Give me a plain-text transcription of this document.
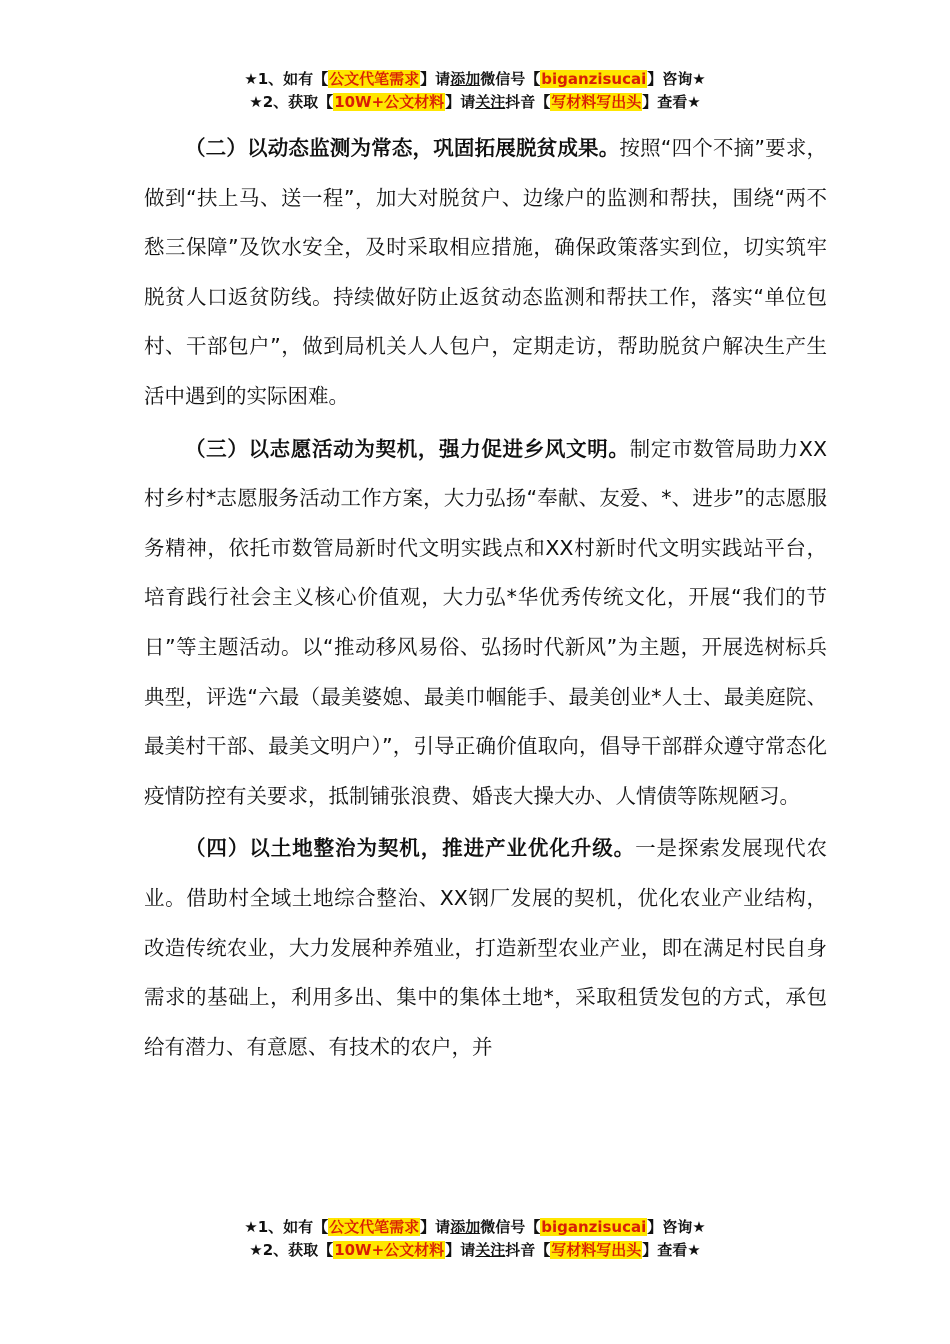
★1、如有【公文代笔需求】请添加微信号【biganzisucai】咨询★
★2、获取【10W+公文材料】请关注抖音【写材料写出头】查看★

（二）以动态监测为常态，巩固拓展脱贫成果。按照“四个不摘”要求，做到“扶上马、送一程”，加大对脱贫户、边缘户的监测和帮扶，围绕“两不愁三保障”及饮水安全，及时采取相应措施，确保政策落实到位，切实筑牢脱贫人口返贫防线。持续做好防止返贫动态监测和帮扶工作，落实“单位包村、干部包户”，做到局机关人人包户，定期走访，帮助脱贫户解决生产生活中遇到的实际困难。

（三）以志愿活动为契机，强力促进乡风文明。制定市数管局助力XX村乡村*志愿服务活动工作方案，大力弘扬“奉献、友爱、*、进步”的志愿服务精神，依托市数管局新时代文明实践点和XX村新时代文明实践站平台，培育践行社会主义核心价值观，大力弘*华优秀传统文化，开展“我们的节日”等主题活动。以“推动移风易俗、弘扬时代新风”为主题，开展选树标兵典型，评选“六最（最美婆媳、最美巾帼能手、最美创业*人士、最美庭院、最美村干部、最美文明户）”，引导正确价值取向，倡导干部群众遵守常态化疫情防控有关要求，抵制铺张浪费、婚丧大操大办、人情债等陈规陋习。

（四）以土地整治为契机，推进产业优化升级。一是探索发展现代农业。借助村全域土地综合整治、XX钢厂发展的契机，优化农业产业结构，改造传统农业，大力发展种养殖业，打造新型农业产业，即在满足村民自身需求的基础上，利用多出、集中的集体土地*，采取租赁发包的方式，承包给有潜力、有意愿、有技术的农户，并

★1、如有【公文代笔需求】请添加微信号【biganzisucai】咨询★
★2、获取【10W+公文材料】请关注抖音【写材料写出头】查看★
